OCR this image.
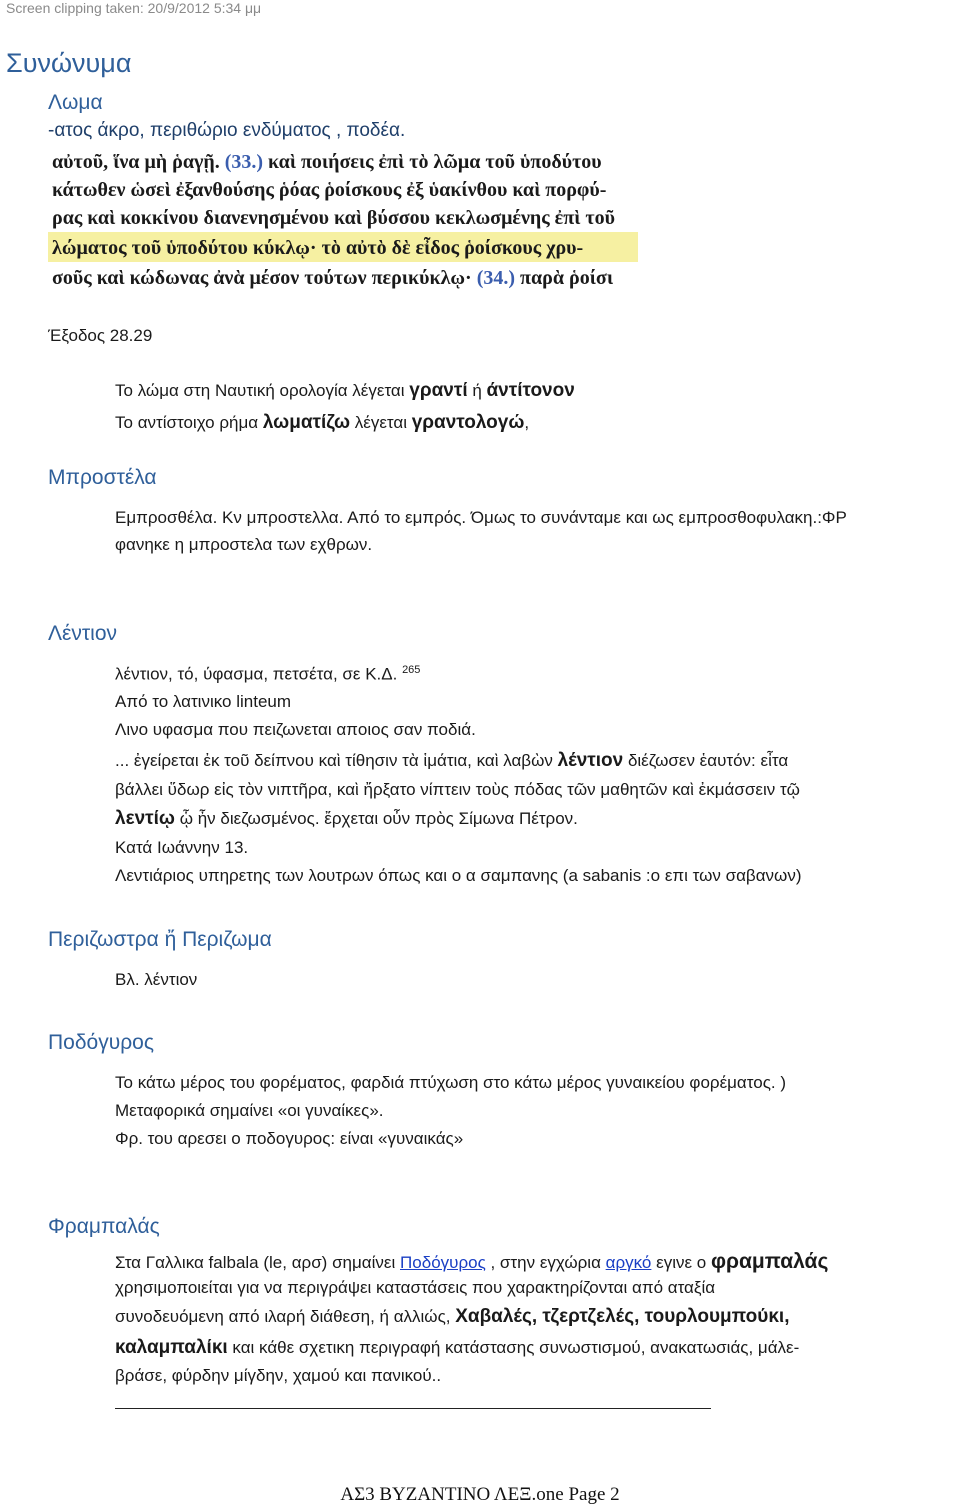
Screen clipping taken: 20/9/2012 5:34 μμ
Συνώνυμα
Λωμα
-ατος άκρο, περιθώριο ενδύματος , ποδέα.
αὐτοῦ, ἵνα μὴ ῥαγῇ. (33.) καὶ ποιήσεις ἐπὶ τὸ λῶμα τοῦ ὑποδύτου
κάτωθεν ὡσεὶ ἐξανθούσης ῥόας ῥοίσκους ἐξ ὑακίνθου καὶ πορφύ-
ρας καὶ κοκκίνου διανενησμένου καὶ βύσσου κεκλωσμένης ἐπὶ τοῦ
λώματος τοῦ ὑποδύτου κύκλῳ· τὸ αὐτὸ δὲ εἶδος ῥοίσκους χρυ-
σοῦς καὶ κώδωνας ἀνὰ μέσον τούτων περικύκλῳ· (34.) παρὰ ῥοίσι
Έξοδος 28.29
Το λώμα στη Ναυτική ορολογία λέγεται γραντί ή άντίτονον
Το αντίστοιχο ρήμα λωματίζω λέγεται γραντολογώ,
Μπροστέλα
Εμπροσθέλα. Κν μπροστελλα. Από το εμπρός. Όμως το συνάνταμε και ως εμπροσθοφυλακη.:ΦΡ
φανηκε η μπροστελα των εχθρων.
Λέντιον
λέντιον, τό, ύφασμα, πετσέτα, σε Κ.Δ. $^{265}$
Από το λατινικο linteum
Λινο υφασμα που πειζωνεται απoιος σαν ποδιά.
... ἐγείρεται ἐκ τοῦ δείπνου καὶ τίθησιν τὰ ἱμάτια, καὶ λαβὼν λέντιον διέζωσεν ἑαυτόν: εἶτα
βάλλει ὕδωρ εἰς τὸν νιπτῆρα, καὶ ἤρξατο νίπτειν τοὺς πόδας τῶν μαθητῶν καὶ ἐκμάσσειν τῷ
λεντίῳ ᾧ ἦν διεζωσμένος. ἔρχεται οὖν πρὸς Σίμωνα Πέτρον.
Κατά Ιωάννην 13.
Λεντιάριος υπηρετης των λουτρων όπως και ο α σαμπανης (a sabanis :ο επι των σαβανων)
Περιζωστρα ἤ Περιζωμα
Βλ. λέντιον
Ποδόγυρος
Το κάτω μέρος του φορέματος, φαρδιά πτύχωση στο κάτω μέρος γυναικείου φορέματος. )
Μεταφορικά σημαίνει «οι γυναίκες».
Φρ. του αρεσει ο ποδογυρος: είναι «γυναικάς»
Φραμπαλάς
Στα Γαλλικα falbala (le, αρσ) σημαίνει Ποδόγυρος , στην εγχώρια αργκό εγινε ο φραμπαλάς
χρησιμοποιείται για να περιγράψει καταστάσεις που χαρακτηρίζονται από αταξία
συνοδευόμενη από ιλαρή διάθεση, ή αλλιώς, Χαβαλές, τζερτζελές, τουρλουμπούκι,
καλαμπαλίκι και κάθε σχετικη περιγραφή κατάστασης συνωστισμού, ανακατωσιάς, μάλε-
βράσε, φύρδην μίγδην, χαμού και πανικού..
ΑΣ3 ΒΥΖΑΝΤΙΝΟ ΛΕΞ.one Page 2
